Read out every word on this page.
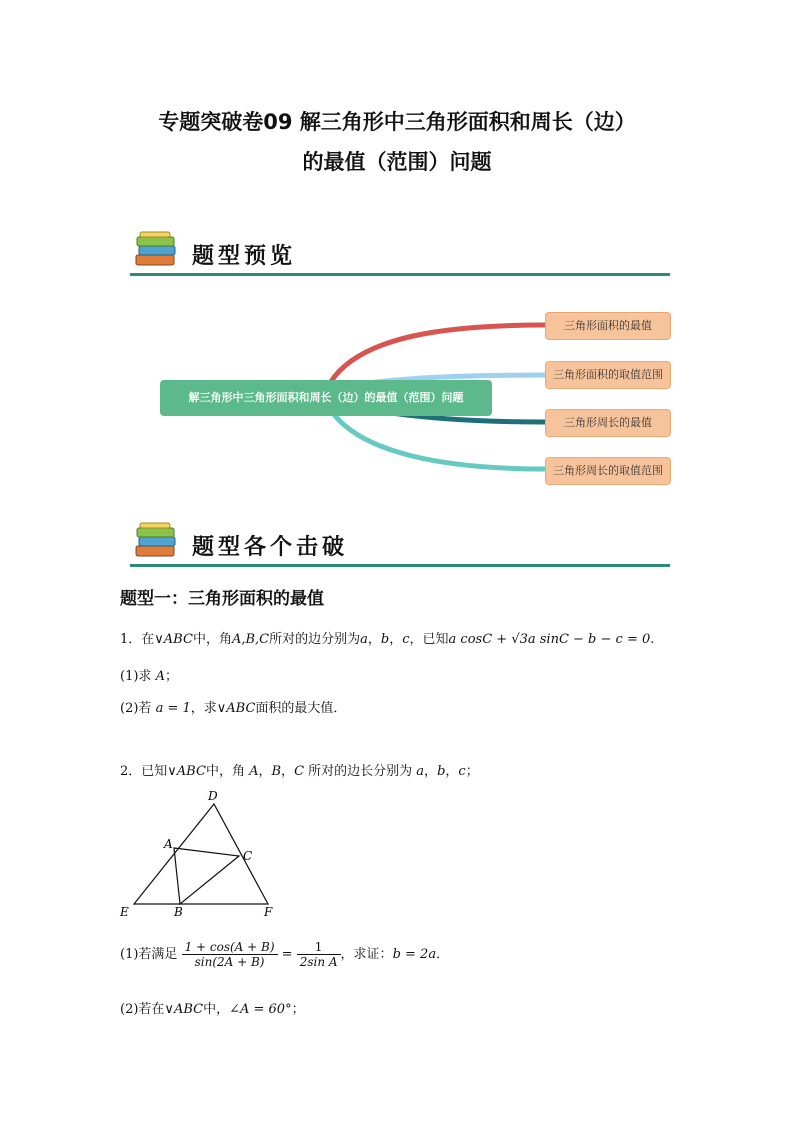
专题突破卷09 解三角形中三角形面积和周长（边）
的最值（范围）问题
题型预览
解三角形中三角形面积和周长（边）的最值（范围）问题
三角形面积的最值
三角形面积的取值范围
三角形周长的最值
三角形周长的取值范围
题型各个击破
题型一：三角形面积的最值
1．在∨ABC中，角A,B,C所对的边分别为a，b，c，已知a cosC + √3a sinC − b − c = 0.
(1)求 A；
(2)若 a = 1，求∨ABC面积的最大值．
2．已知∨ABC中，角 A，B，C 所对的边长分别为 a，b，c；
D
A
C
E	B	F
(1)若满足 $\frac{1 + \cos(A + B)}{\sin(2A + B)} = \frac{1}{\text{2sin A}}$ ，求证：b = 2a．
(2)若在∨ABC中，∠A = 60°；
